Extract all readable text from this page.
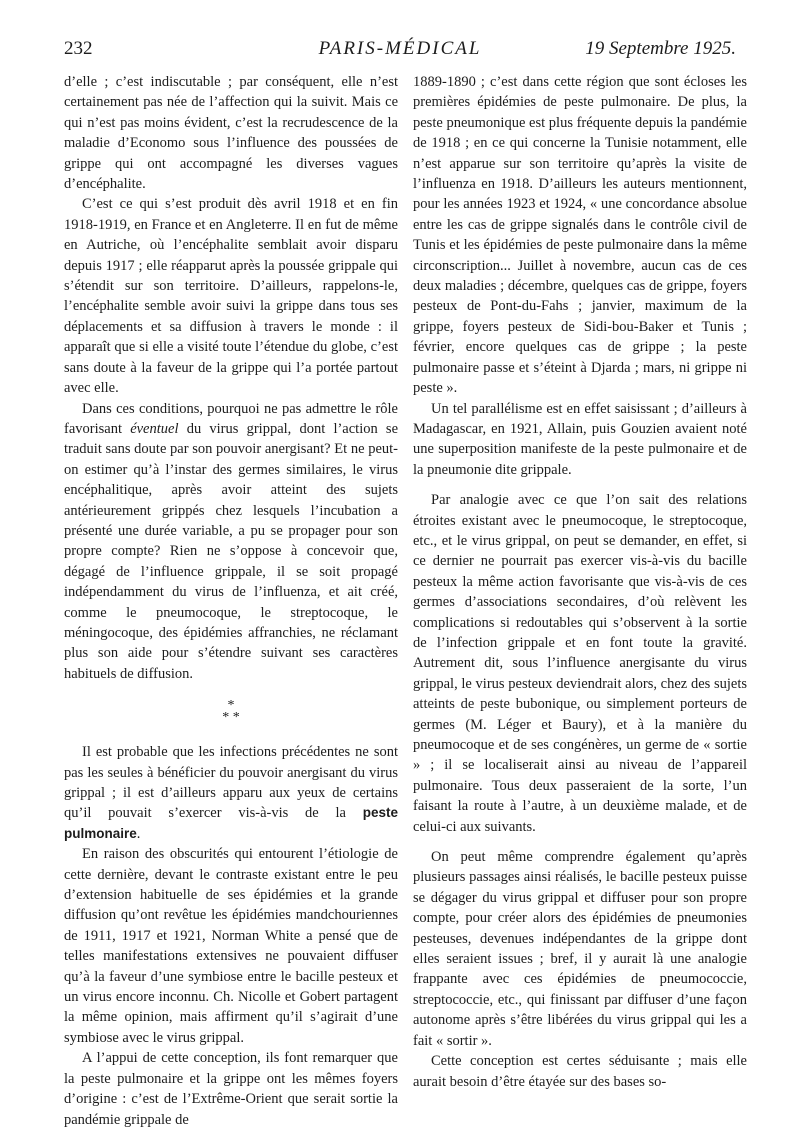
232	PARIS-MÉDICAL	19 Septembre 1925.

d’elle ; c’est indiscutable ; par conséquent, elle n’est certainement pas née de l’affection qui la suivit. Mais ce qui n’est pas moins évident, c’est la recrudescence de la maladie d’Economo sous l’influence des poussées de grippe qui ont accompagné les diverses vagues d’encéphalite.

C’est ce qui s’est produit dès avril 1918 et en fin 1918-1919, en France et en Angleterre. Il en fut de même en Autriche, où l’encéphalite semblait avoir disparu depuis 1917 ; elle réapparut après la poussée grippale qui s’étendit sur son territoire. D’ailleurs, rappelons-le, l’encéphalite semble avoir suivi la grippe dans tous ses déplacements et sa diffusion à travers le monde : il apparaît que si elle a visité toute l’étendue du globe, c’est sans doute à la faveur de la grippe qui l’a portée partout avec elle.

Dans ces conditions, pourquoi ne pas admettre le rôle favorisant éventuel du virus grippal, dont l’action se traduit sans doute par son pouvoir anergisant? Et ne peut-on estimer qu’à l’instar des germes similaires, le virus encéphalitique, après avoir atteint des sujets antérieurement grippés chez lesquels l’incubation a présenté une durée variable, a pu se propager pour son propre compte? Rien ne s’oppose à concevoir que, dégagé de l’influence grippale, il se soit propagé indépendamment du virus de l’influenza, et ait créé, comme le pneumocoque, le streptocoque, le méningocoque, des épidémies affranchies, ne réclamant plus son aide pour s’étendre suivant ses caractères habituels de diffusion.

*
* *

Il est probable que les infections précédentes ne sont pas les seules à bénéficier du pouvoir anergisant du virus grippal ; il est d’ailleurs apparu aux yeux de certains qu’il pouvait s’exercer vis-à-vis de la peste pulmonaire.

En raison des obscurités qui entourent l’étiologie de cette dernière, devant le contraste existant entre le peu d’extension habituelle de ses épidémies et la grande diffusion qu’ont revêtue les épidémies mandchouriennes de 1911, 1917 et 1921, Norman White a pensé que de telles manifestations extensives ne pouvaient diffuser qu’à la faveur d’une symbiose entre le bacille pesteux et un virus encore inconnu. Ch. Nicolle et Gobert partagent la même opinion, mais affirment qu’il s’agirait d’une symbiose avec le virus grippal.

A l’appui de cette conception, ils font remarquer que la peste pulmonaire et la grippe ont les mêmes foyers d’origine : c’est de l’Extrême-Orient que serait sortie la pandémie grippale de

1889-1890 ; c’est dans cette région que sont écloses les premières épidémies de peste pulmonaire. De plus, la peste pneumonique est plus fréquente depuis la pandémie de 1918 ; en ce qui concerne la Tunisie notamment, elle n’est apparue sur son territoire qu’après la visite de l’influenza en 1918. D’ailleurs les auteurs mentionnent, pour les années 1923 et 1924, « une concordance absolue entre les cas de grippe signalés dans le contrôle civil de Tunis et les épidémies de peste pulmonaire dans la même circonscription... Juillet à novembre, aucun cas de ces deux maladies ; décembre, quelques cas de grippe, foyers pesteux de Pont-du-Fahs ; janvier, maximum de la grippe, foyers pesteux de Sidi-bou-Baker et Tunis ; février, encore quelques cas de grippe ; la peste pulmonaire passe et s’éteint à Djarda ; mars, ni grippe ni peste ».

Un tel parallélisme est en effet saisissant ; d’ailleurs à Madagascar, en 1921, Allain, puis Gouzien avaient noté une superposition manifeste de la peste pulmonaire et de la pneumonie dite grippale.

Par analogie avec ce que l’on sait des relations étroites existant avec le pneumocoque, le streptocoque, etc., et le virus grippal, on peut se demander, en effet, si ce dernier ne pourrait pas exercer vis-à-vis du bacille pesteux la même action favorisante que vis-à-vis de ces germes d’associations secondaires, d’où relèvent les complications si redoutables qui s’observent à la sortie de l’infection grippale et en font toute la gravité. Autrement dit, sous l’influence anergisante du virus grippal, le virus pesteux deviendrait alors, chez des sujets atteints de peste bubonique, ou simplement porteurs de germes (M. Léger et Baury), et à la manière du pneumocoque et de ses congénères, un germe de « sortie » ; il se localiserait ainsi au niveau de l’appareil pulmonaire. Tous deux passeraient de la sorte, l’un faisant la route à l’autre, à un deuxième malade, et de celui-ci aux suivants.

On peut même comprendre également qu’après plusieurs passages ainsi réalisés, le bacille pesteux puisse se dégager du virus grippal et diffuser pour son propre compte, pour créer alors des épidémies de pneumonies pesteuses, devenues indépendantes de la grippe dont elles seraient issues ; bref, il y aurait là une analogie frappante avec ces épidémies de pneumococcie, streptococcie, etc., qui finissant par diffuser d’une façon autonome après s’être libérées du virus grippal qui les a fait « sortir ».

Cette conception est certes séduisante ; mais elle aurait besoin d’être étayée sur des bases so-
